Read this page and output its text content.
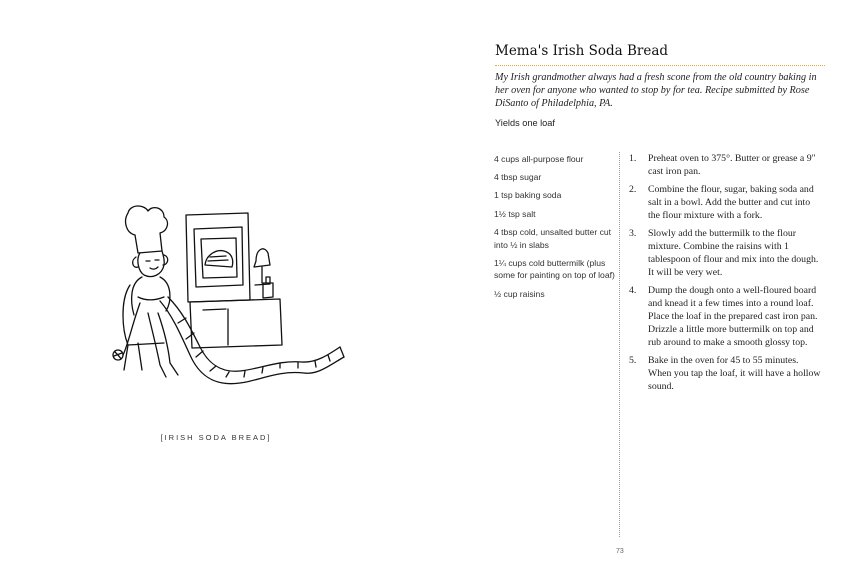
[IRISH SODA BREAD]
Mema's Irish Soda Bread
My Irish grandmother always had a fresh scone from the old country baking in her oven for anyone who wanted to stop by for tea. Recipe submitted by Rose DiSanto of Philadelphia, PA.
Yields one loaf
4 cups all-purpose flour
4 tbsp sugar
1 tsp baking soda
1½ tsp salt
4 tbsp cold, unsalted butter cut into ½ in slabs
1¼ cups cold buttermilk (plus some for painting on top of loaf)
½ cup raisins
1. Preheat oven to 375°. Butter or grease a 9" cast iron pan.
2. Combine the flour, sugar, baking soda and salt in a bowl. Add the butter and cut into the flour mixture with a fork.
3. Slowly add the buttermilk to the flour mixture. Combine the raisins with 1 tablespoon of flour and mix into the dough. It will be very wet.
4. Dump the dough onto a well-floured board and knead it a few times into a round loaf. Place the loaf in the prepared cast iron pan. Drizzle a little more buttermilk on top and rub around to make a smooth glossy top.
5. Bake in the oven for 45 to 55 minutes. When you tap the loaf, it will have a hollow sound.
73
